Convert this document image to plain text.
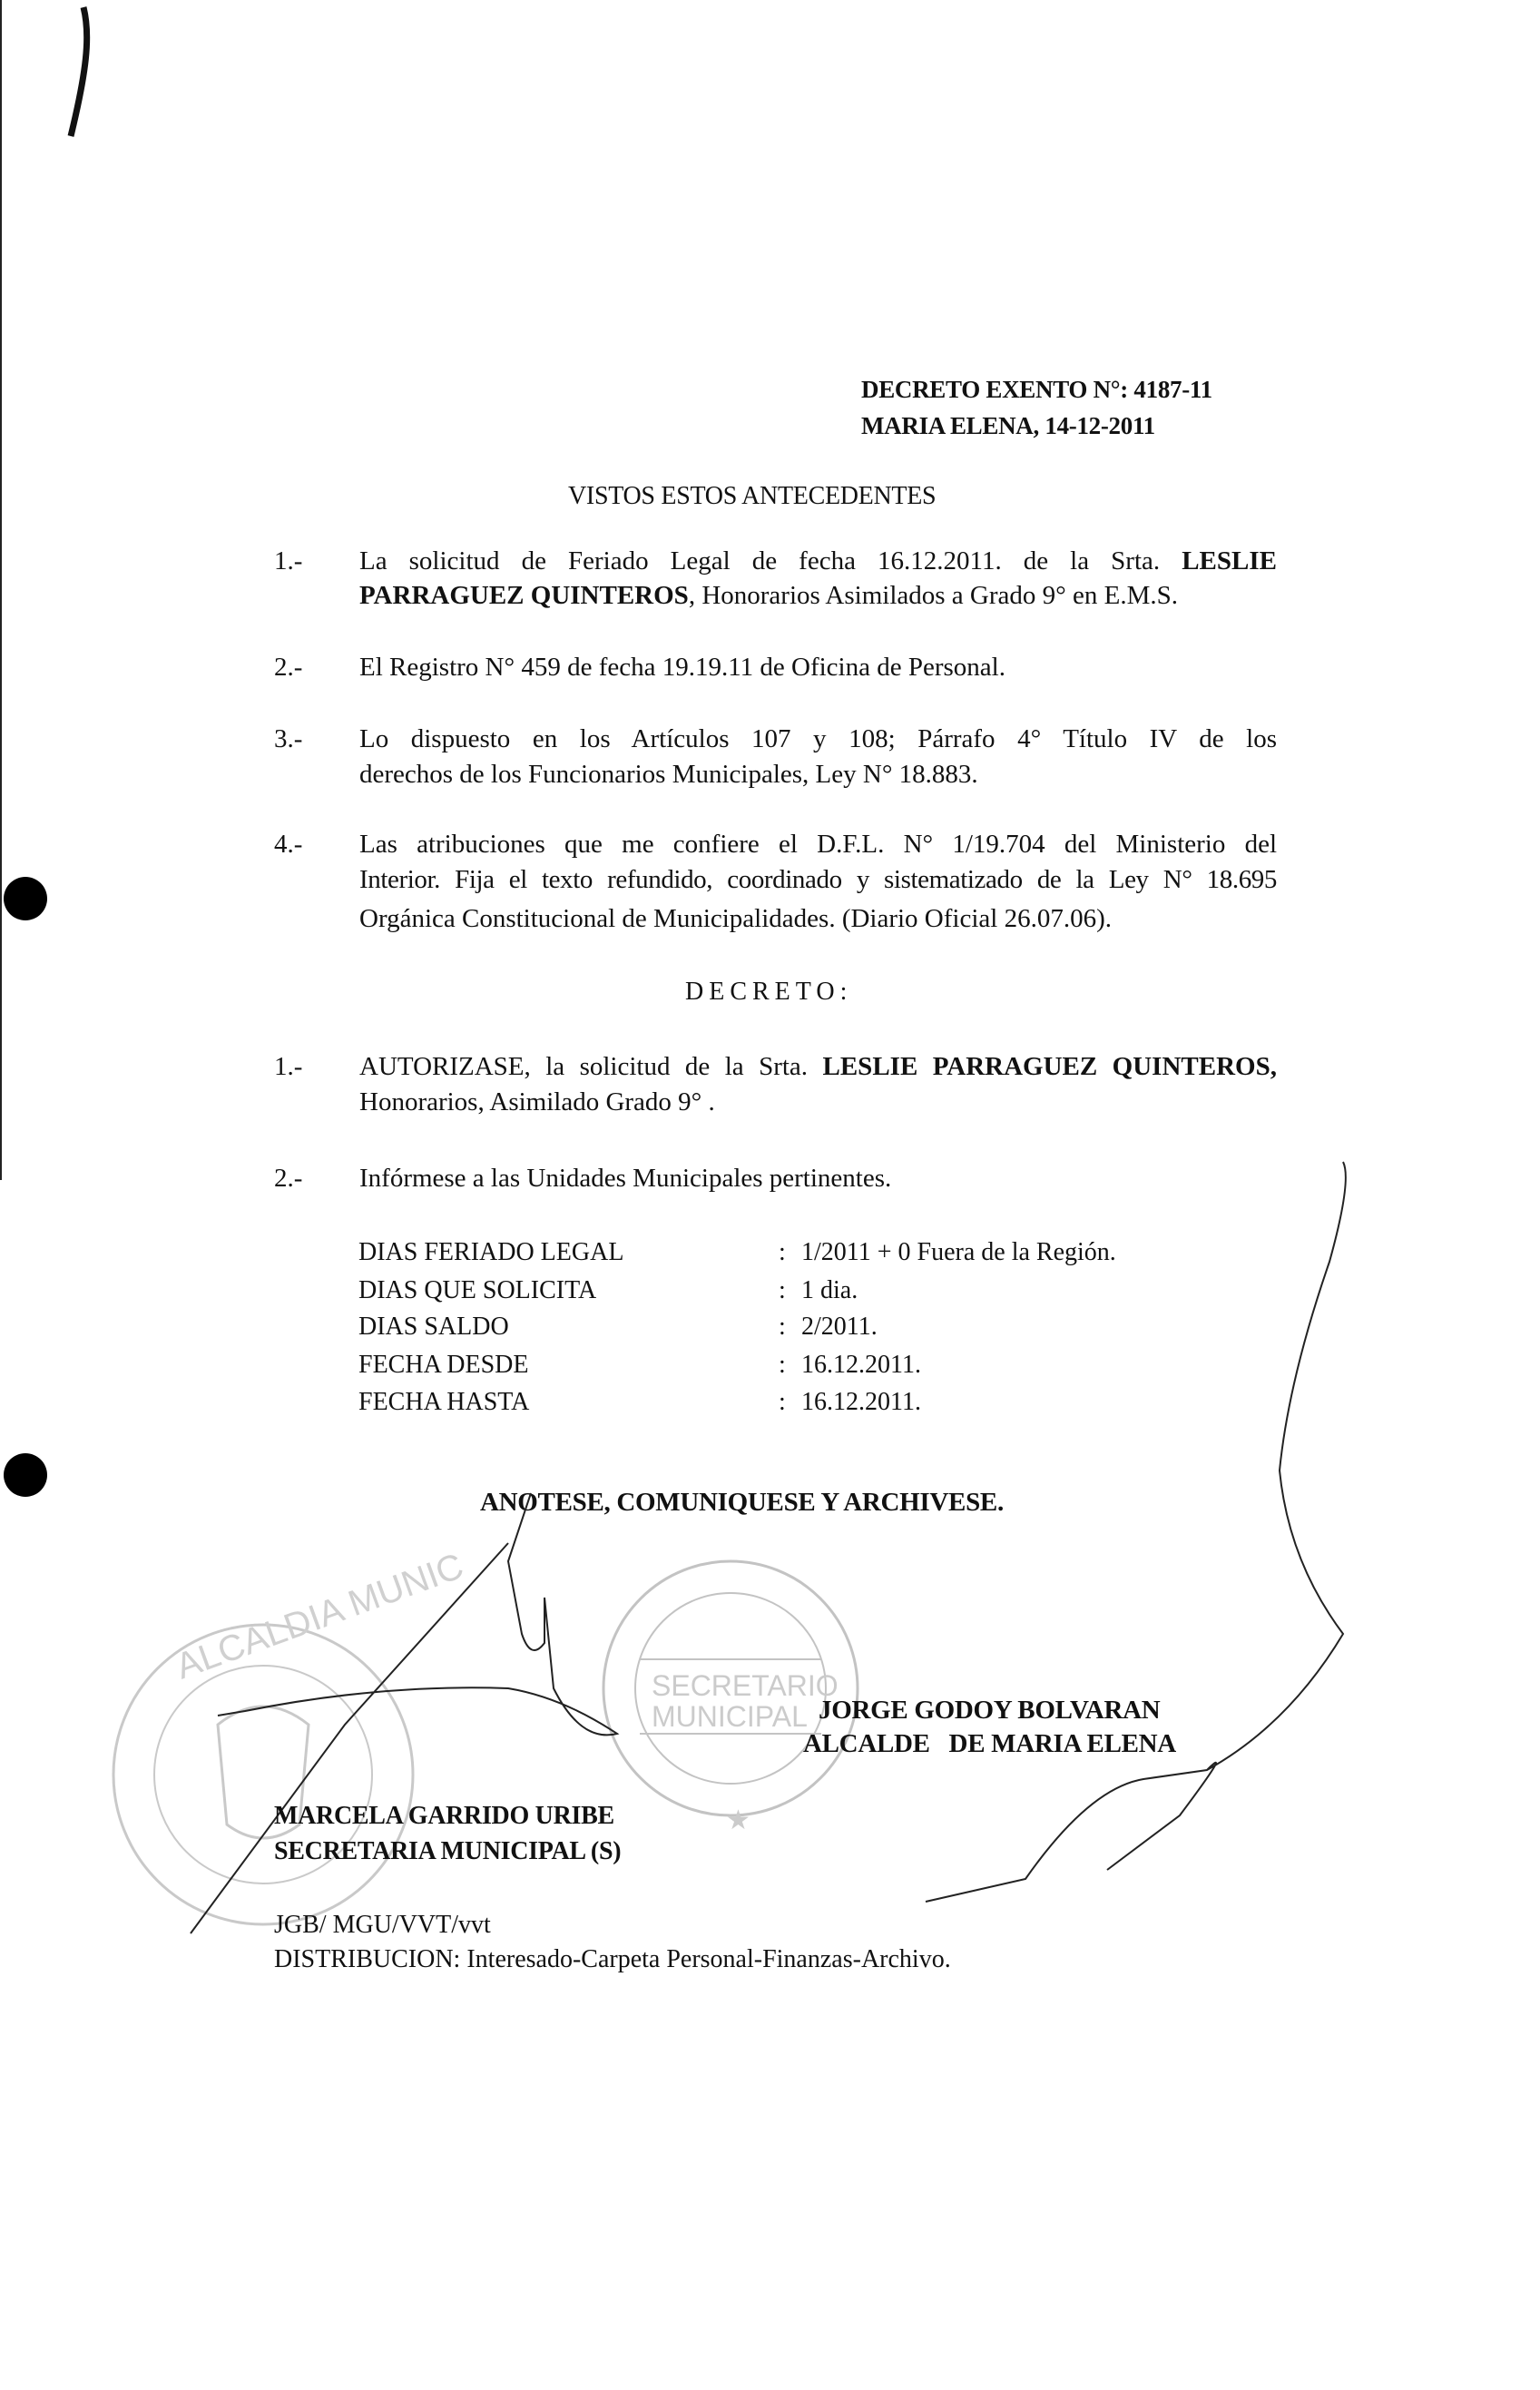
DECRETO EXENTO N°: 4187-11
MARIA ELENA, 14-12-2011
VISTOS ESTOS ANTECEDENTES
1.- La solicitud de Feriado Legal de fecha 16.12.2011. de la Srta. LESLIE
PARRAGUEZ QUINTEROS, Honorarios Asimilados a Grado 9° en E.M.S.
2.- El Registro N° 459 de fecha 19.19.11 de Oficina de Personal.
3.- Lo dispuesto en los Artículos 107 y 108; Párrafo 4° Título IV de los
derechos de los Funcionarios Municipales, Ley N° 18.883.
4.- Las atribuciones que me confiere el D.F.L. N° 1/19.704 del Ministerio del
Interior. Fija el texto refundido, coordinado y sistematizado de la Ley N° 18.695
Orgánica Constitucional de Municipalidades. (Diario Oficial 26.07.06).
DECRETO:
1.- AUTORIZASE, la solicitud de la Srta. LESLIE PARRAGUEZ QUINTEROS,
Honorarios, Asimilado Grado 9° .
2.- Infórmese a las Unidades Municipales pertinentes.
DIAS FERIADO LEGAL	: 1/2011 + 0 Fuera de la Región.
DIAS QUE SOLICITA	: 1 dia.
DIAS SALDO	: 2/2011.
FECHA DESDE	: 16.12.2011.
FECHA HASTA	: 16.12.2011.
ANOTESE, COMUNIQUESE Y ARCHIVESE.
ALCALDIA MUNIC	SECRETARIO
MUNICIPAL
★
JORGE GODOY BOLVARAN
ALCALDE   DE MARIA ELENA
MARCELA GARRIDO URIBE
SECRETARIA MUNICIPAL (S)
JGB/ MGU/VVT/vvt
DISTRIBUCION: Interesado-Carpeta Personal-Finanzas-Archivo.
